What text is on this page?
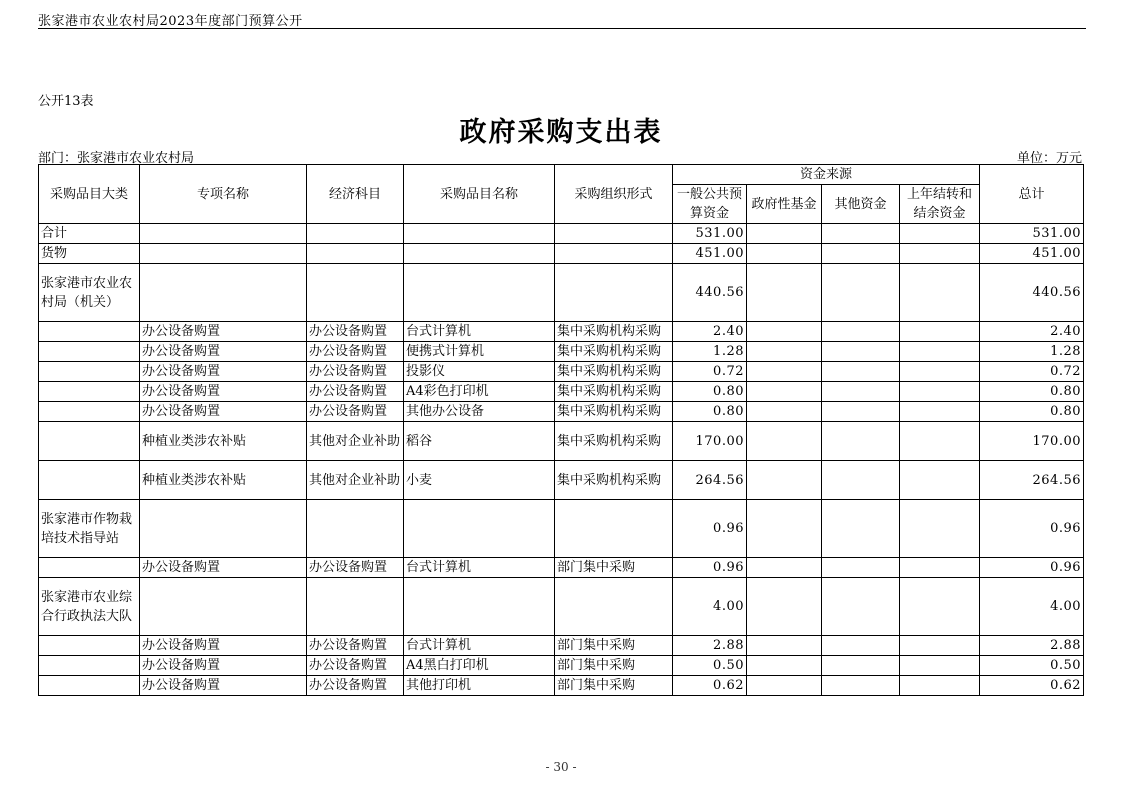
张家港市农业农村局2023年度部门预算公开
公开13表
政府采购支出表
部门：张家港市农业农村局	单位：万元
采购品目大类	专项名称	经济科目	采购品目名称	采购组织形式	资金来源				总计
					一般公共预算资金	政府性基金	其他资金	上年结转和结余资金	
合计					531.00				531.00
货物					451.00				451.00
张家港市农业农村局（机关）					440.56				440.56
	办公设备购置	办公设备购置	台式计算机	集中采购机构采购	2.40				2.40
	办公设备购置	办公设备购置	便携式计算机	集中采购机构采购	1.28				1.28
	办公设备购置	办公设备购置	投影仪	集中采购机构采购	0.72				0.72
	办公设备购置	办公设备购置	A4彩色打印机	集中采购机构采购	0.80				0.80
	办公设备购置	办公设备购置	其他办公设备	集中采购机构采购	0.80				0.80
	种植业类涉农补贴	其他对企业补助	稻谷	集中采购机构采购	170.00				170.00
	种植业类涉农补贴	其他对企业补助	小麦	集中采购机构采购	264.56				264.56
张家港市作物栽培技术指导站					0.96				0.96
	办公设备购置	办公设备购置	台式计算机	部门集中采购	0.96				0.96
张家港市农业综合行政执法大队					4.00				4.00
	办公设备购置	办公设备购置	台式计算机	部门集中采购	2.88				2.88
	办公设备购置	办公设备购置	A4黑白打印机	部门集中采购	0.50				0.50
	办公设备购置	办公设备购置	其他打印机	部门集中采购	0.62				0.62
- 30 -
